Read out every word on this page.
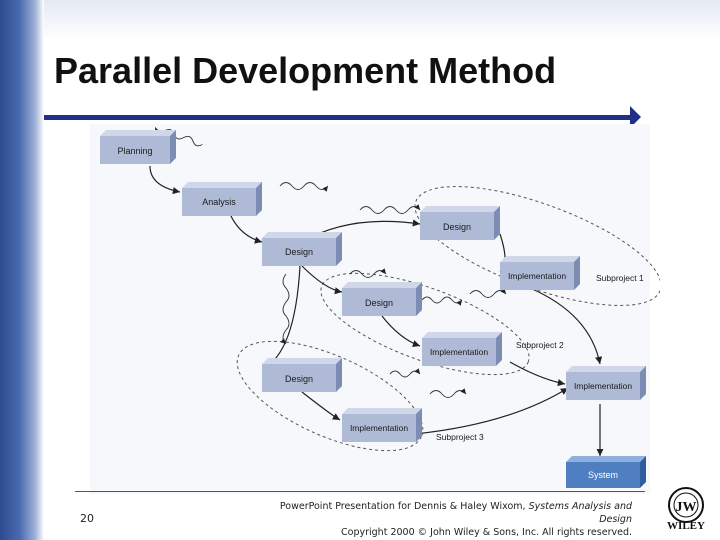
Parallel Development Method
Planning
Analysis
Design
Design
Implementation
Design
Implementation
Design
Implementation
Implementation
System
Subproject 1
Subproject 2
Subproject 3
20
PowerPoint Presentation for Dennis & Haley Wixom, Systems Analysis and Design
Copyright 2000 © John Wiley & Sons, Inc. All rights reserved.
JW
WILEY
